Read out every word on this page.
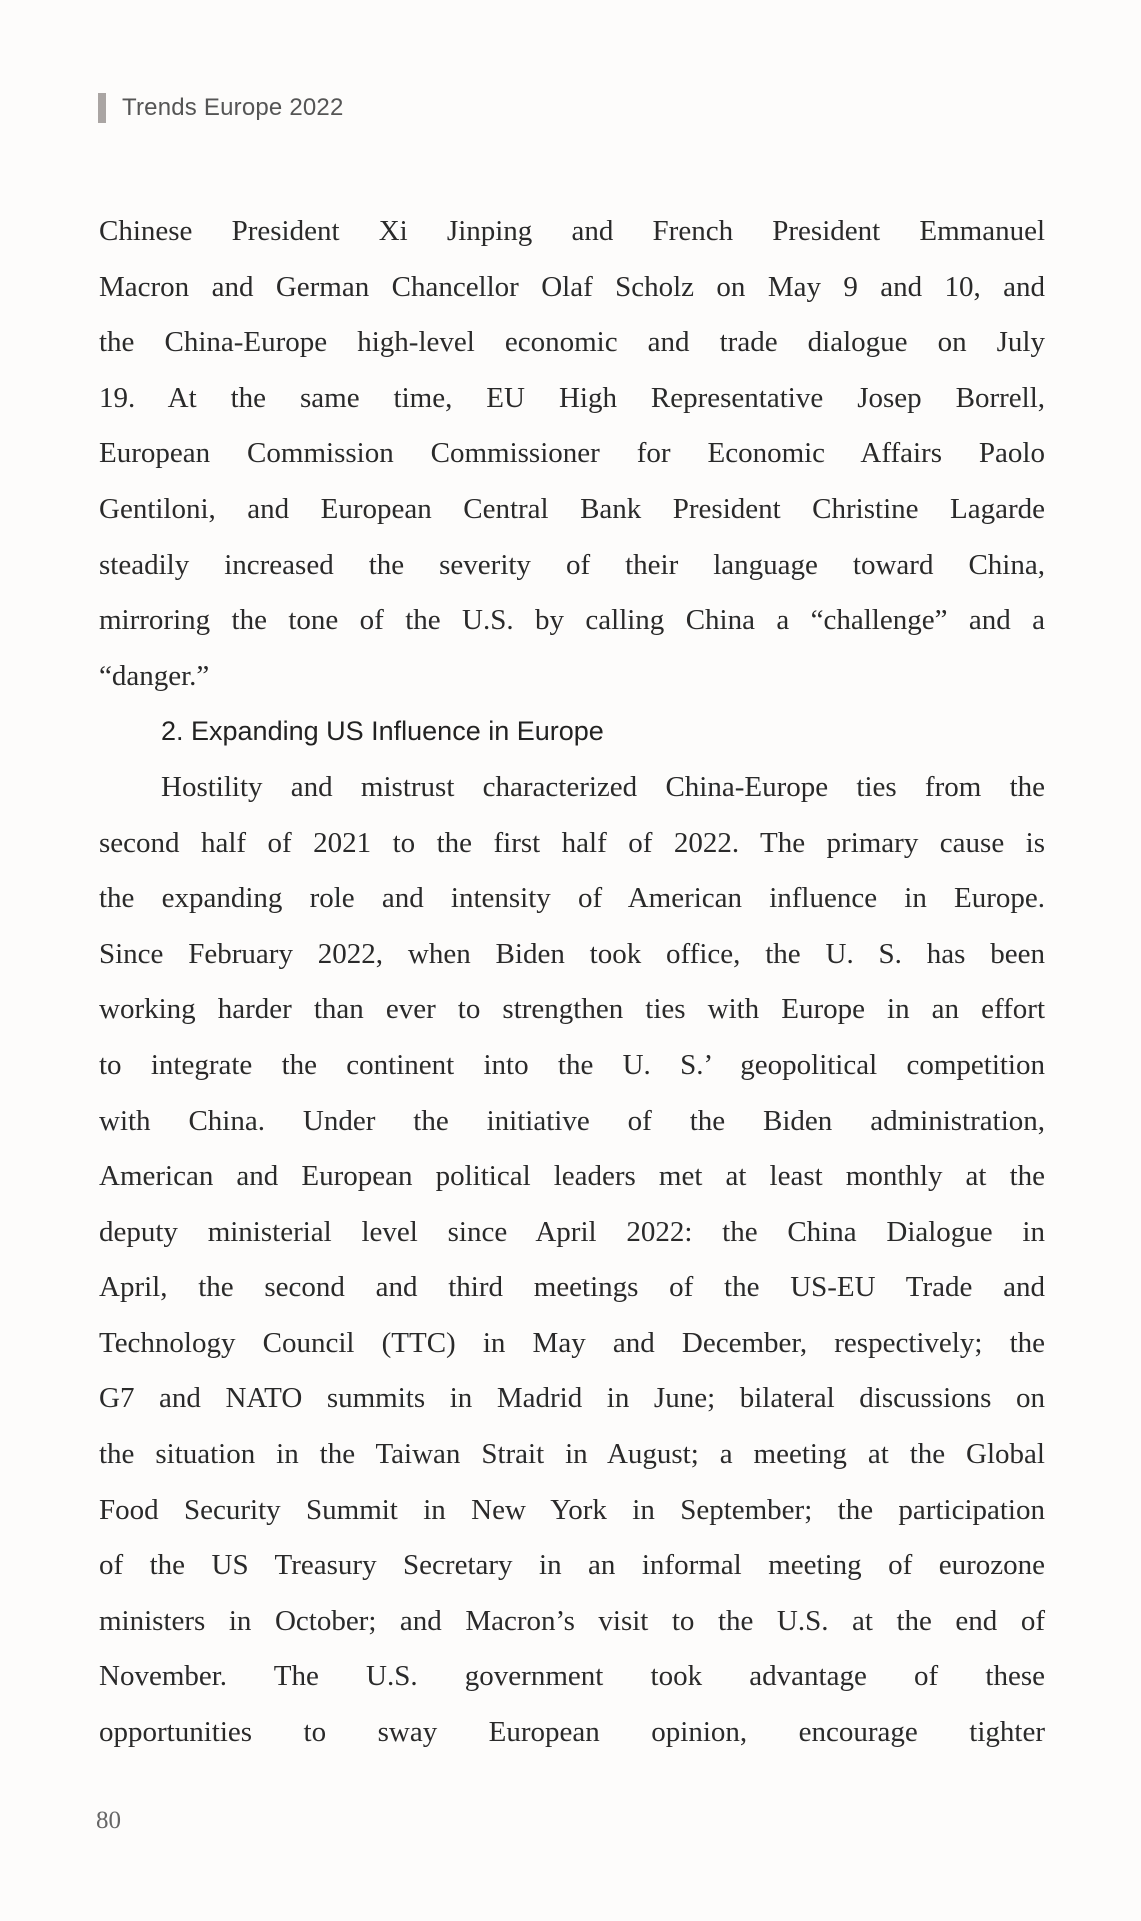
Trends Europe 2022
Chinese President Xi Jinping and French President Emmanuel
Macron and German Chancellor Olaf Scholz on May 9 and 10, and
the China-Europe high-level economic and trade dialogue on July
19. At the same time, EU High Representative Josep Borrell,
European Commission Commissioner for Economic Affairs Paolo
Gentiloni, and European Central Bank President Christine Lagarde
steadily increased the severity of their language toward China,
mirroring the tone of the U.S. by calling China a “challenge” and a
“danger.”
2. Expanding US Influence in Europe
Hostility and mistrust characterized China-Europe ties from the
second half of 2021 to the first half of 2022. The primary cause is
the expanding role and intensity of American influence in Europe.
Since February 2022, when Biden took office, the U. S. has been
working harder than ever to strengthen ties with Europe in an effort
to integrate the continent into the U. S.’ geopolitical competition
with China. Under the initiative of the Biden administration,
American and European political leaders met at least monthly at the
deputy ministerial level since April 2022: the China Dialogue in
April, the second and third meetings of the US-EU Trade and
Technology Council (TTC) in May and December, respectively; the
G7 and NATO summits in Madrid in June; bilateral discussions on
the situation in the Taiwan Strait in August; a meeting at the Global
Food Security Summit in New York in September; the participation
of the US Treasury Secretary in an informal meeting of eurozone
ministers in October; and Macron’s visit to the U.S. at the end of
November. The U.S. government took advantage of these
opportunities to sway European opinion, encourage tighter
80
